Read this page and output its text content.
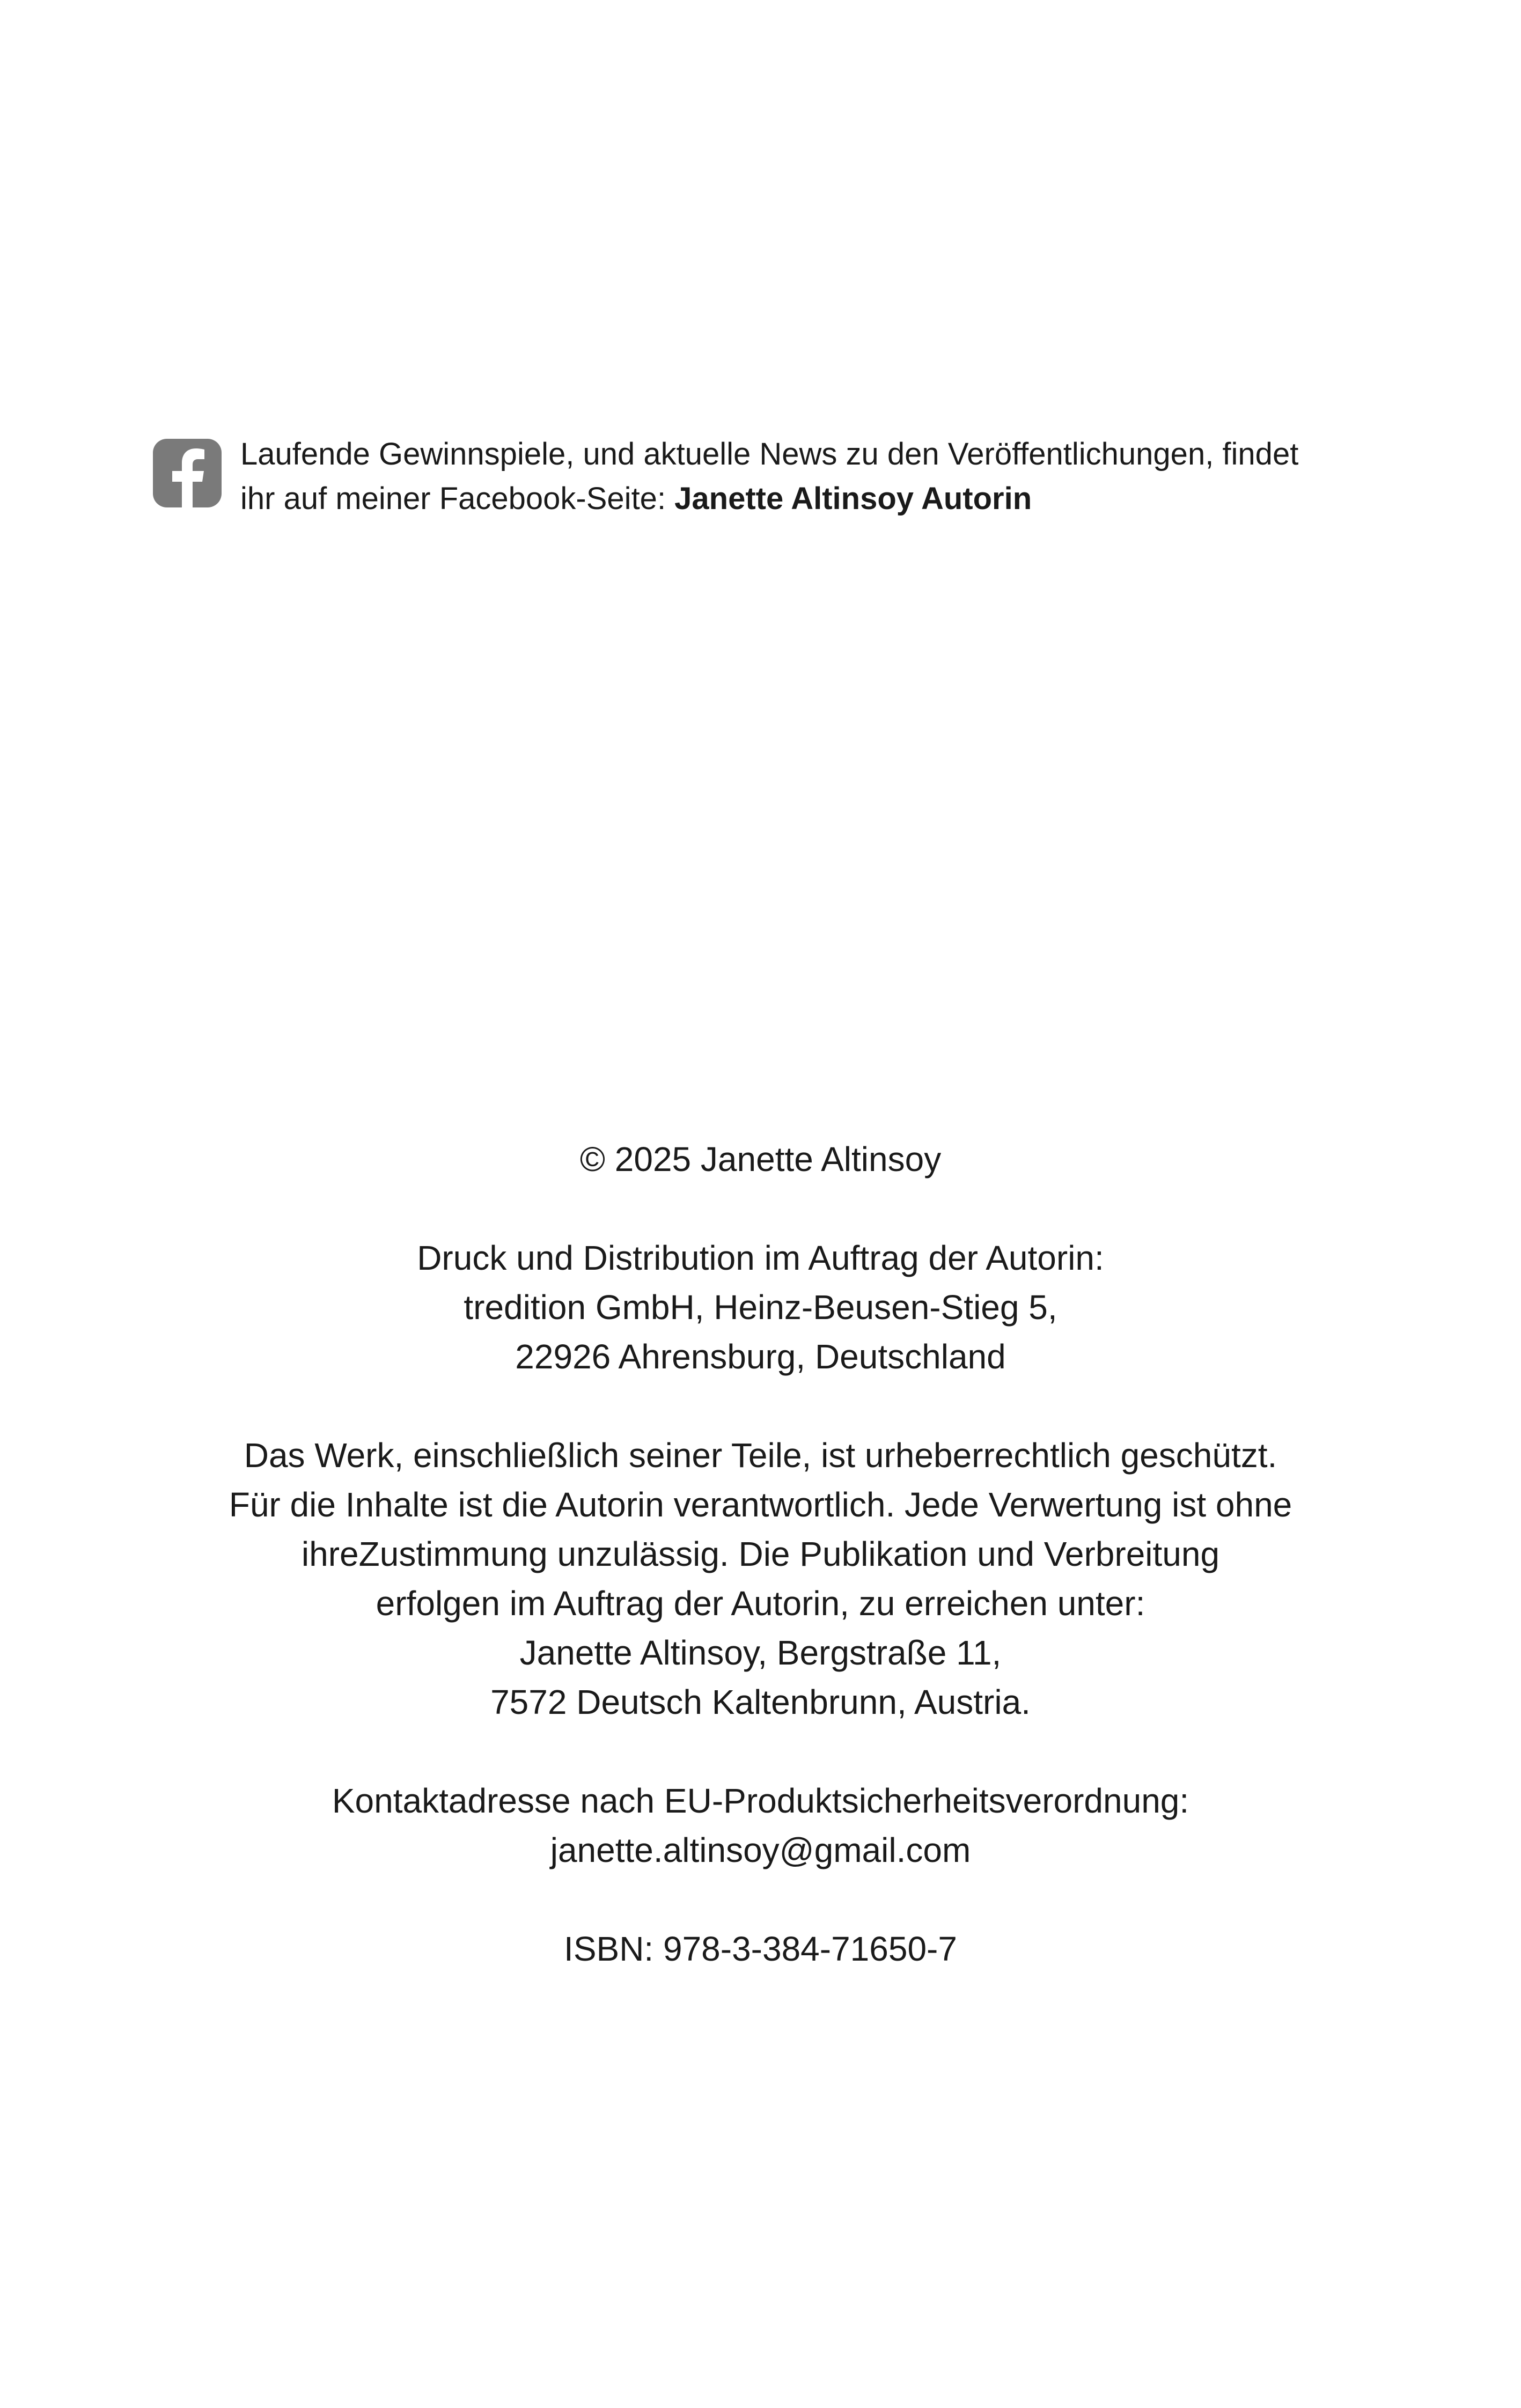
Laufende Gewinnspiele, und aktuelle News zu den Veröffentlichungen, findet
ihr auf meiner Facebook-Seite: Janette Altinsoy Autorin
© 2025 Janette Altinsoy
Druck und Distribution im Auftrag der Autorin:
tredition GmbH, Heinz-Beusen-Stieg 5,
22926 Ahrensburg, Deutschland
Das Werk, einschließlich seiner Teile, ist urheberrechtlich geschützt.
Für die Inhalte ist die Autorin verantwortlich. Jede Verwertung ist ohne
ihreZustimmung unzulässig. Die Publikation und Verbreitung
erfolgen im Auftrag der Autorin, zu erreichen unter:
Janette Altinsoy, Bergstraße 11,
7572 Deutsch Kaltenbrunn, Austria.
Kontaktadresse nach EU-Produktsicherheitsverordnung:
janette.altinsoy@gmail.com
ISBN: 978-3-384-71650-7
